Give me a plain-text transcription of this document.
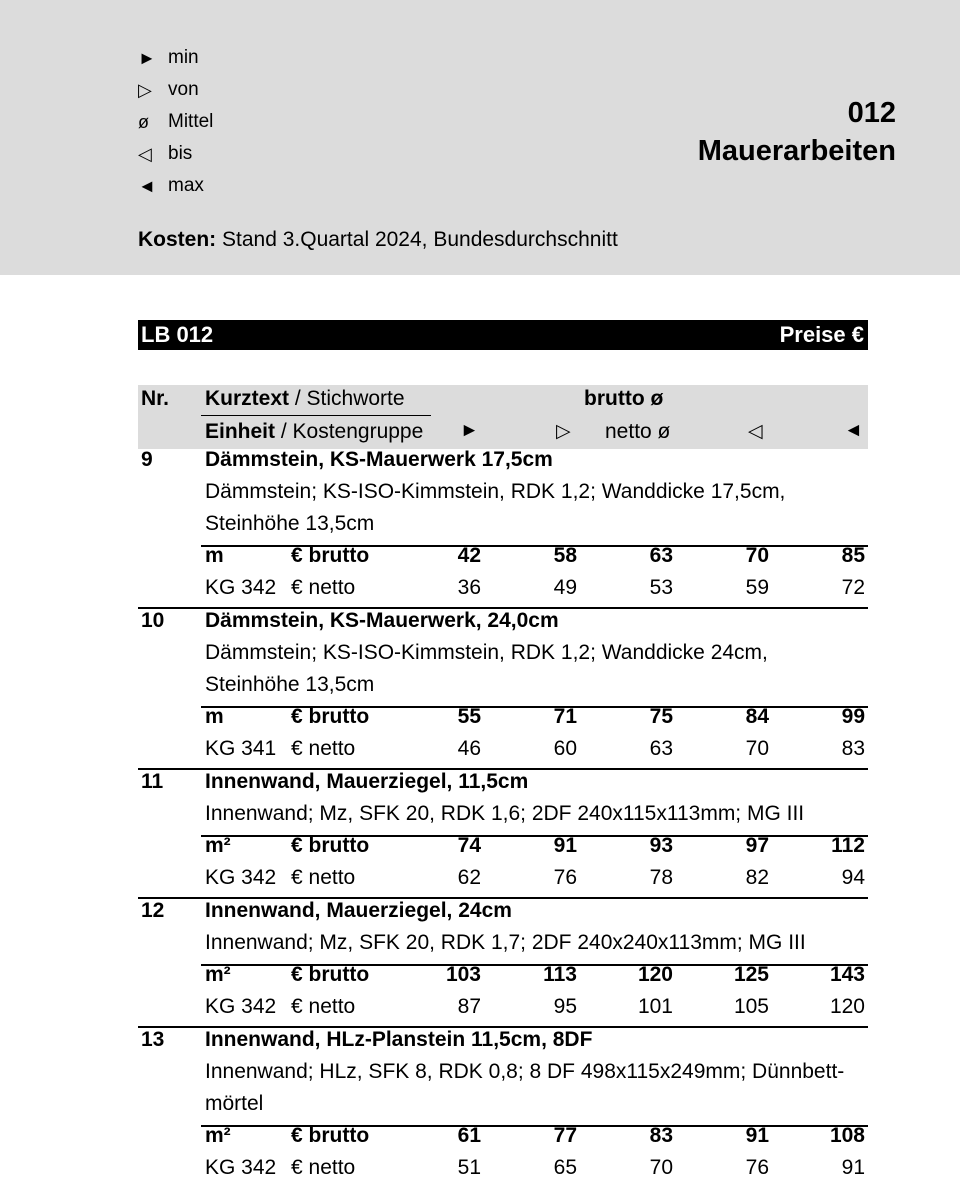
► min
▷ von
ø	Mittel
◁ bis
◄ max
012
Mauerarbeiten
Kosten: Stand 3.Quartal 2024, Bundesdurchschnitt
LB 012	Preise €
Nr. Kurztext / Stichworte	brutto ø
Einheit / Kostengruppe ►	▷ netto ø	◁	◄
9 Dämmstein, KS-Mauerwerk 17,5cm
Dämmstein; KS-ISO-Kimmstein, RDK 1,2; Wanddicke 17,5cm,
Steinhöhe 13,5cm
m	€ brutto	42	58	63	70	85
KG 342 € netto	36	49	53	59	72
10 Dämmstein, KS-Mauerwerk, 24,0cm
Dämmstein; KS-ISO-Kimmstein, RDK 1,2; Wanddicke 24cm,
Steinhöhe 13,5cm
m	€ brutto	55	71	75	84	99
KG 341 € netto	46	60	63	70	83
11 Innenwand, Mauerziegel, 11,5cm
Innenwand; Mz, SFK 20, RDK 1,6; 2DF 240x115x113mm; MG III
m²	€ brutto	74	91	93	97	112
KG 342 € netto	62	76	78	82	94
12 Innenwand, Mauerziegel, 24cm
Innenwand; Mz, SFK 20, RDK 1,7; 2DF 240x240x113mm; MG III
m²	€ brutto	103	113	120	125	143
KG 342 € netto	87	95	101	105	120
13 Innenwand, HLz-Planstein 11,5cm, 8DF
Innenwand; HLz, SFK 8, RDK 0,8; 8 DF 498x115x249mm; Dünnbett-
mörtel
m²	€ brutto	61	77	83	91	108
KG 342 € netto	51	65	70	76	91
